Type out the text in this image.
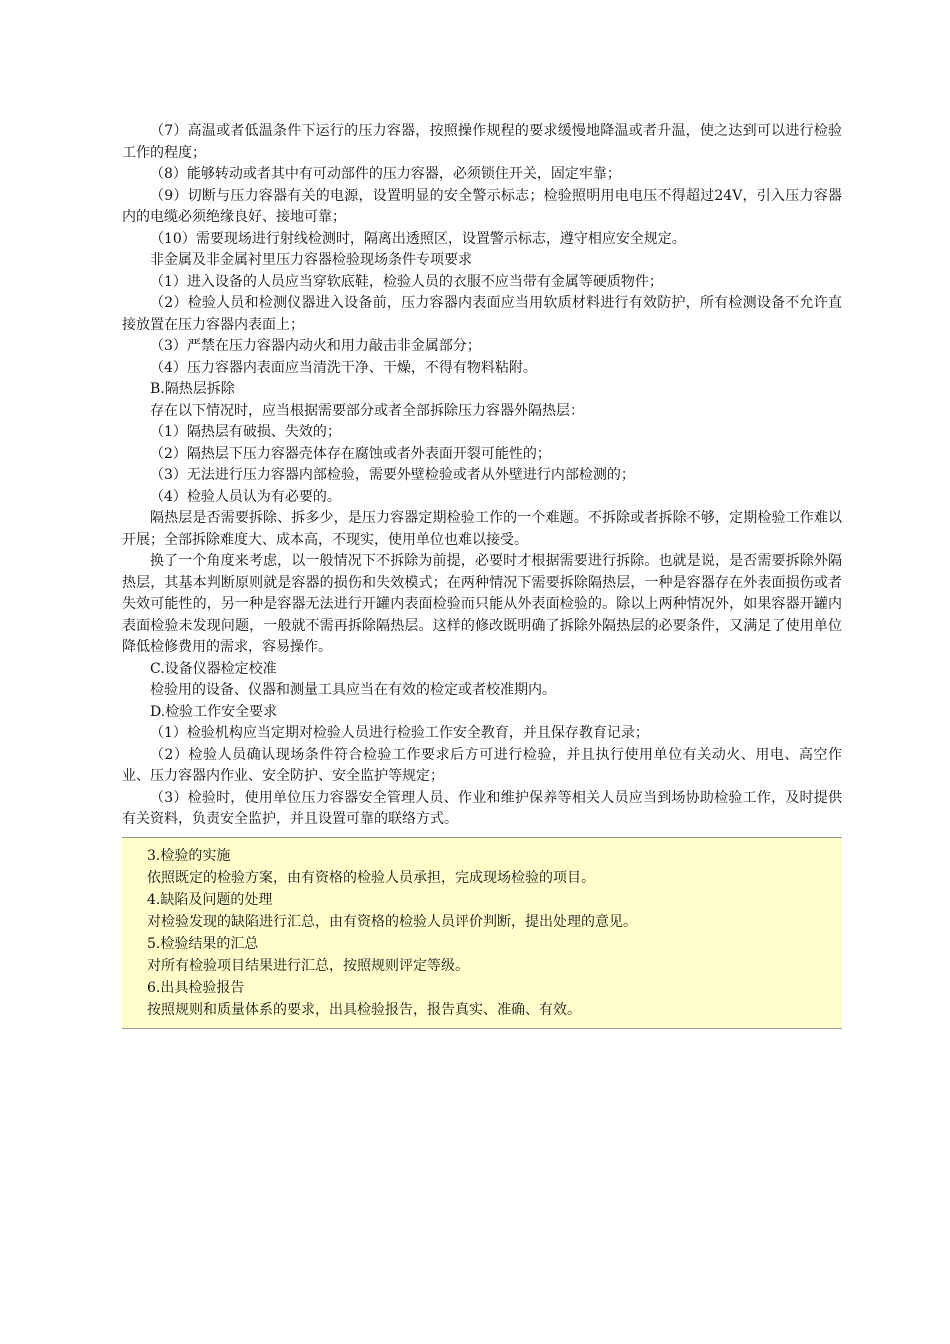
（7）高温或者低温条件下运行的压力容器，按照操作规程的要求缓慢地降温或者升温，使之达到可以进行检验工作的程度；

（8）能够转动或者其中有可动部件的压力容器，必须锁住开关，固定牢靠；

（9）切断与压力容器有关的电源，设置明显的安全警示标志；检验照明用电电压不得超过24V，引入压力容器内的电缆必须绝缘良好、接地可靠；

（10）需要现场进行射线检测时，隔离出透照区，设置警示标志，遵守相应安全规定。

非金属及非金属衬里压力容器检验现场条件专项要求

（1）进入设备的人员应当穿软底鞋，检验人员的衣服不应当带有金属等硬质物件；

（2）检验人员和检测仪器进入设备前，压力容器内表面应当用软质材料进行有效防护，所有检测设备不允许直接放置在压力容器内表面上；

（3）严禁在压力容器内动火和用力敲击非金属部分；

（4）压力容器内表面应当清洗干净、干燥，不得有物料粘附。

B.隔热层拆除

存在以下情况时，应当根据需要部分或者全部拆除压力容器外隔热层：

（1）隔热层有破损、失效的；

（2）隔热层下压力容器壳体存在腐蚀或者外表面开裂可能性的；

（3）无法进行压力容器内部检验，需要外壁检验或者从外壁进行内部检测的；

（4）检验人员认为有必要的。

隔热层是否需要拆除、拆多少，是压力容器定期检验工作的一个难题。不拆除或者拆除不够，定期检验工作难以开展；全部拆除难度大、成本高，不现实，使用单位也难以接受。

换了一个角度来考虑，以一般情况下不拆除为前提，必要时才根据需要进行拆除。也就是说，是否需要拆除外隔热层，其基本判断原则就是容器的损伤和失效模式；在两种情况下需要拆除隔热层，一种是容器存在外表面损伤或者失效可能性的，另一种是容器无法进行开罐内表面检验而只能从外表面检验的。除以上两种情况外，如果容器开罐内表面检验未发现问题，一般就不需再拆除隔热层。这样的修改既明确了拆除外隔热层的必要条件，又满足了使用单位降低检修费用的需求，容易操作。

C.设备仪器检定校准

检验用的设备、仪器和测量工具应当在有效的检定或者校准期内。

D.检验工作安全要求

（1）检验机构应当定期对检验人员进行检验工作安全教育，并且保存教育记录；

（2）检验人员确认现场条件符合检验工作要求后方可进行检验，并且执行使用单位有关动火、用电、高空作业、压力容器内作业、安全防护、安全监护等规定；

（3）检验时，使用单位压力容器安全管理人员、作业和维护保养等相关人员应当到场协助检验工作，及时提供有关资料，负责安全监护，并且设置可靠的联络方式。

3.检验的实施

依照既定的检验方案，由有资格的检验人员承担，完成现场检验的项目。

4.缺陷及问题的处理

对检验发现的缺陷进行汇总，由有资格的检验人员评价判断，提出处理的意见。

5.检验结果的汇总

对所有检验项目结果进行汇总，按照规则评定等级。

6.出具检验报告

按照规则和质量体系的要求，出具检验报告，报告真实、准确、有效。
